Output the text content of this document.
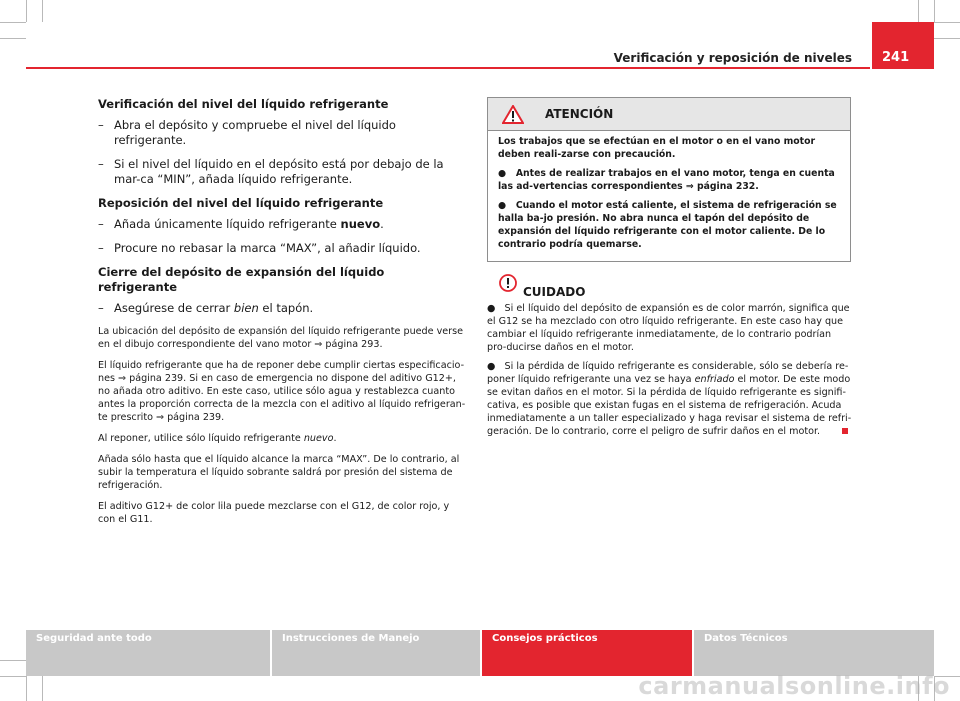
Verificación y reposición de niveles	241
Verificación del nivel del líquido refrigerante
– Abra el depósito y compruebe el nivel del líquido refrigerante.
– Si el nivel del líquido en el depósito está por debajo de la mar-ca “MIN”, añada líquido refrigerante.
Reposición del nivel del líquido refrigerante
– Añada únicamente líquido refrigerante nuevo.
– Procure no rebasar la marca “MAX”, al añadir líquido.
Cierre del depósito de expansión del líquido refrigerante
– Asegúrese de cerrar bien el tapón.

La ubicación del depósito de expansión del líquido refrigerante puede verse en el dibujo correspondiente del vano motor ⇒ página 293.

El líquido refrigerante que ha de reponer debe cumplir ciertas especificacio-nes ⇒ página 239. Si en caso de emergencia no dispone del aditivo G12+, no añada otro aditivo. En este caso, utilice sólo agua y restablezca cuanto antes la proporción correcta de la mezcla con el aditivo al líquido refrigeran-te prescrito ⇒ página 239.

Al reponer, utilice sólo líquido refrigerante nuevo.

Añada sólo hasta que el líquido alcance la marca “MAX”. De lo contrario, al subir la temperatura el líquido sobrante saldrá por presión del sistema de refrigeración.

El aditivo G12+ de color lila puede mezclarse con el G12, de color rojo, y con el G11.

ATENCIÓN

Los trabajos que se efectúan en el motor o en el vano motor deben reali-zarse con precaución.

● Antes de realizar trabajos en el vano motor, tenga en cuenta las ad-vertencias correspondientes ⇒ página 232.

● Cuando el motor está caliente, el sistema de refrigeración se halla ba-jo presión. No abra nunca el tapón del depósito de expansión del líquido refrigerante con el motor caliente. De lo contrario podría quemarse.

CUIDADO

● Si el líquido del depósito de expansión es de color marrón, significa que el G12 se ha mezclado con otro líquido refrigerante. En este caso hay que cambiar el líquido refrigerante inmediatamente, de lo contrario podrían pro-ducirse daños en el motor.

● Si la pérdida de líquido refrigerante es considerable, sólo se debería re-poner líquido refrigerante una vez se haya enfriado el motor. De este modo se evitan daños en el motor. Si la pérdida de líquido refrigerante es signifi-cativa, es posible que existan fugas en el sistema de refrigeración. Acuda inmediatamente a un taller especializado y haga revisar el sistema de refri-geración. De lo contrario, corre el peligro de sufrir daños en el motor.

Seguridad ante todo	Instrucciones de Manejo	Consejos prácticos	Datos Técnicos
carmanualsonline.info
